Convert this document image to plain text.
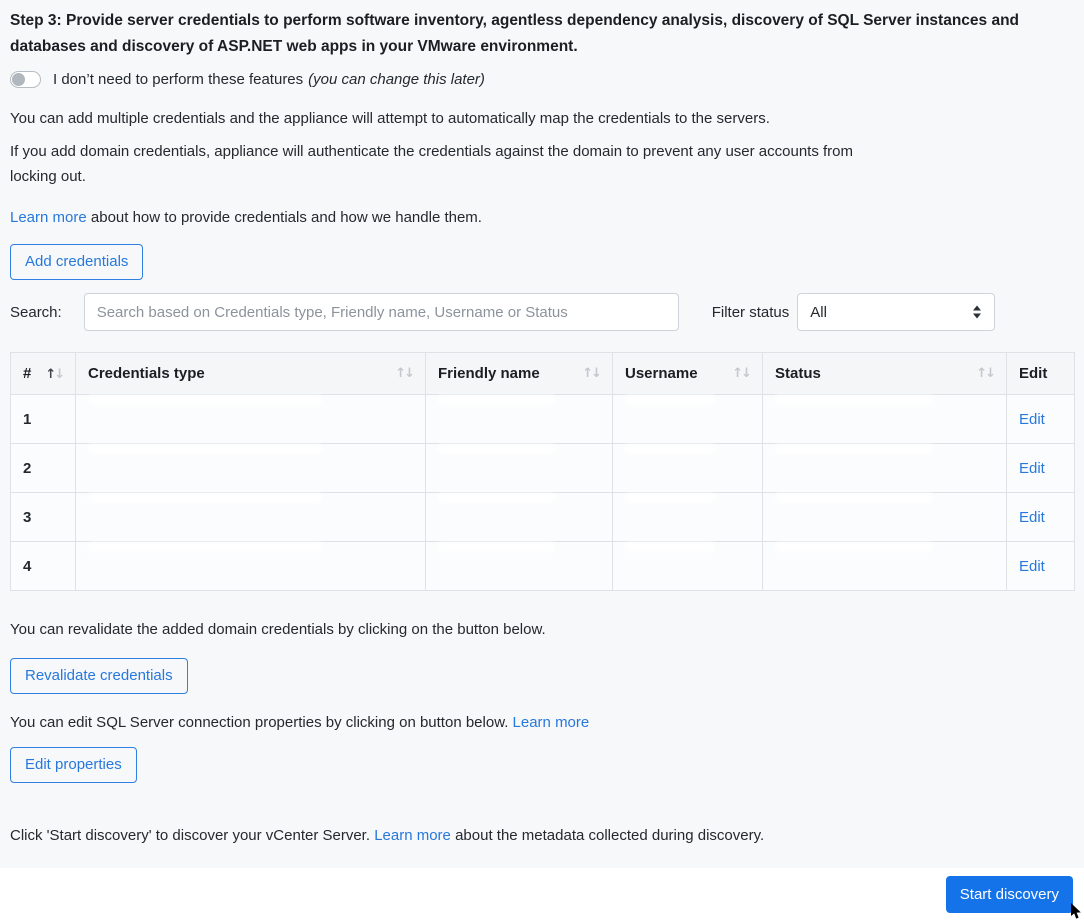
Step 3: Provide server credentials to perform software inventory, agentless dependency analysis, discovery of SQL Server instances and
databases and discovery of ASP.NET web apps in your VMware environment.
I don’t need to perform these features (you can change this later)

You can add multiple credentials and the appliance will attempt to automatically map the credentials to the servers.

If you add domain credentials, appliance will authenticate the credentials against the domain to prevent any user accounts from
locking out.

Learn more about how to provide credentials and how we handle them.

Add credentials
Search:
Search based on Credentials type, Friendly name, Username or Status	Filter status All
# ↑↓	Credentials type ↑↓	Friendly name ↑↓	Username ↑↓	Status ↑↓	Edit
1					Edit
2					Edit
3					Edit
4					Edit

You can revalidate the added domain credentials by clicking on the button below.

Revalidate credentials

You can edit SQL Server connection properties by clicking on button below. Learn more

Edit properties

Click 'Start discovery' to discover your vCenter Server. Learn more about the metadata collected during discovery.

Start discovery
